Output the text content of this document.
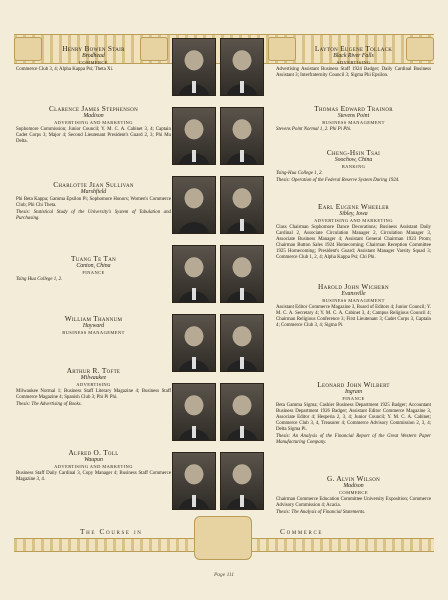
Henry Bowen Stair
Brodhead
COMMERCE
Commerce Club 3, 4; Alpha Kappa Psi; Theta Xi.
Clarence James Stephenson
Madison
ADVERTISING AND MARKETING
Sophomore Commission; Junior Council; Y. M. C. A. Cabinet 3, 4; Captain Cadet Corps 3; Major 4; Second Lieutenant President's Guard 2, 3; Phi Mu Delta.
Charlotte Jean Sullivan
Marshfield
Phi Beta Kappa; Gamma Epsilon Pi; Sophomore Honors; Women's Commerce Club; Phi Chi Theta.
Thesis: Statistical Study of the University's System of Tabulation and Purchasing.
Tuang Te Tan
Canton, China
FINANCE
Tsing Hua College 1, 2.
William Thannum
Hayward
BUSINESS MANAGEMENT
Arthur R. Tofte
Milwaukee
ADVERTISING
Milwaukee Normal 1; Business Staff Literary Magazine 4; Business Staff Commerce Magazine 4; Spanish Club 3; Phi Pi Phi.
Thesis: The Advertising of Books.
Alfred O. Toll
Waupun
ADVERTISING AND MARKETING
Business Staff Daily Cardinal 3, Copy Manager 4; Business Staff Commerce Magazine 3, 4.
Layton Eugene Tollack
Black River Falls
ADVERTISING
Advertising Assistant Business Staff 1924 Badger; Daily Cardinal Business Assistant 3; Interfraternity Council 3; Sigma Phi Epsilon.
Thomas Edward Trainor
Stevens Point
BUSINESS MANAGEMENT
Stevens Point Normal 1, 2. Phi Pi Phi.
Cheng-Hsin Tsai
Soochow, China
BANKING
Tsing-Hua College 1, 2.
Thesis: Operation of the Federal Reserve System During 1924.
Earl Eugene Wheeler
Sibley, Iowa
ADVERTISING AND MARKETING
Class Chairman Sophomore Dance Decorations; Business Assistant Daily Cardinal 2, Associate Circulation Manager 2, Circulation Manager 3, Associate Business Manager 4; Assistant General Chairman 1923 Prom; Chairman Button Sales 1924 Homecoming; Chairman Reception Committee 1925 Homecoming; President's Guard; Assistant Manager Varsity Squad 3; Commerce Club 1, 2, 4; Alpha Kappa Psi; Chi Phi.
Harold John Wichern
Evansville
BUSINESS MANAGEMENT
Assistant Editor Commerce Magazine 3, Board of Editors 4; Junior Council; Y. M. C. A. Secretary 4; Y. M. C. A. Cabinet 3, 4; Campus Religious Council 4; Chairman Religious Conference 3; First Lieutenant 3; Cadet Corps 3, Captain 4; Commerce Club 3, 4; Sigma Pi.
Leonard John Wilbert
Ingram
FINANCE
Beta Gamma Sigma; Cashier Business Department 1925 Badger; Accountant Business Department 1926 Badger; Assistant Editor Commerce Magazine 3, Associate Editor 4; Hesperia 2, 3, 4; Junior Council; Y. M. C. A. Cabinet; Commerce Club 3, 4, Treasurer 4; Commerce Advisory Commission 2, 3, 4; Delta Sigma Pi.
Thesis: An Analysis of the Financial Report of the Great Western Paper Manufacturing Company.
G. Alvin Wilson
Madison
COMMERCE
Chairman Commerce Education Committee University Exposition; Commerce Advisory Commission 4; Acacia.
Thesis: The Analysis of Financial Statements.
The Course in	Commerce
Page 111
